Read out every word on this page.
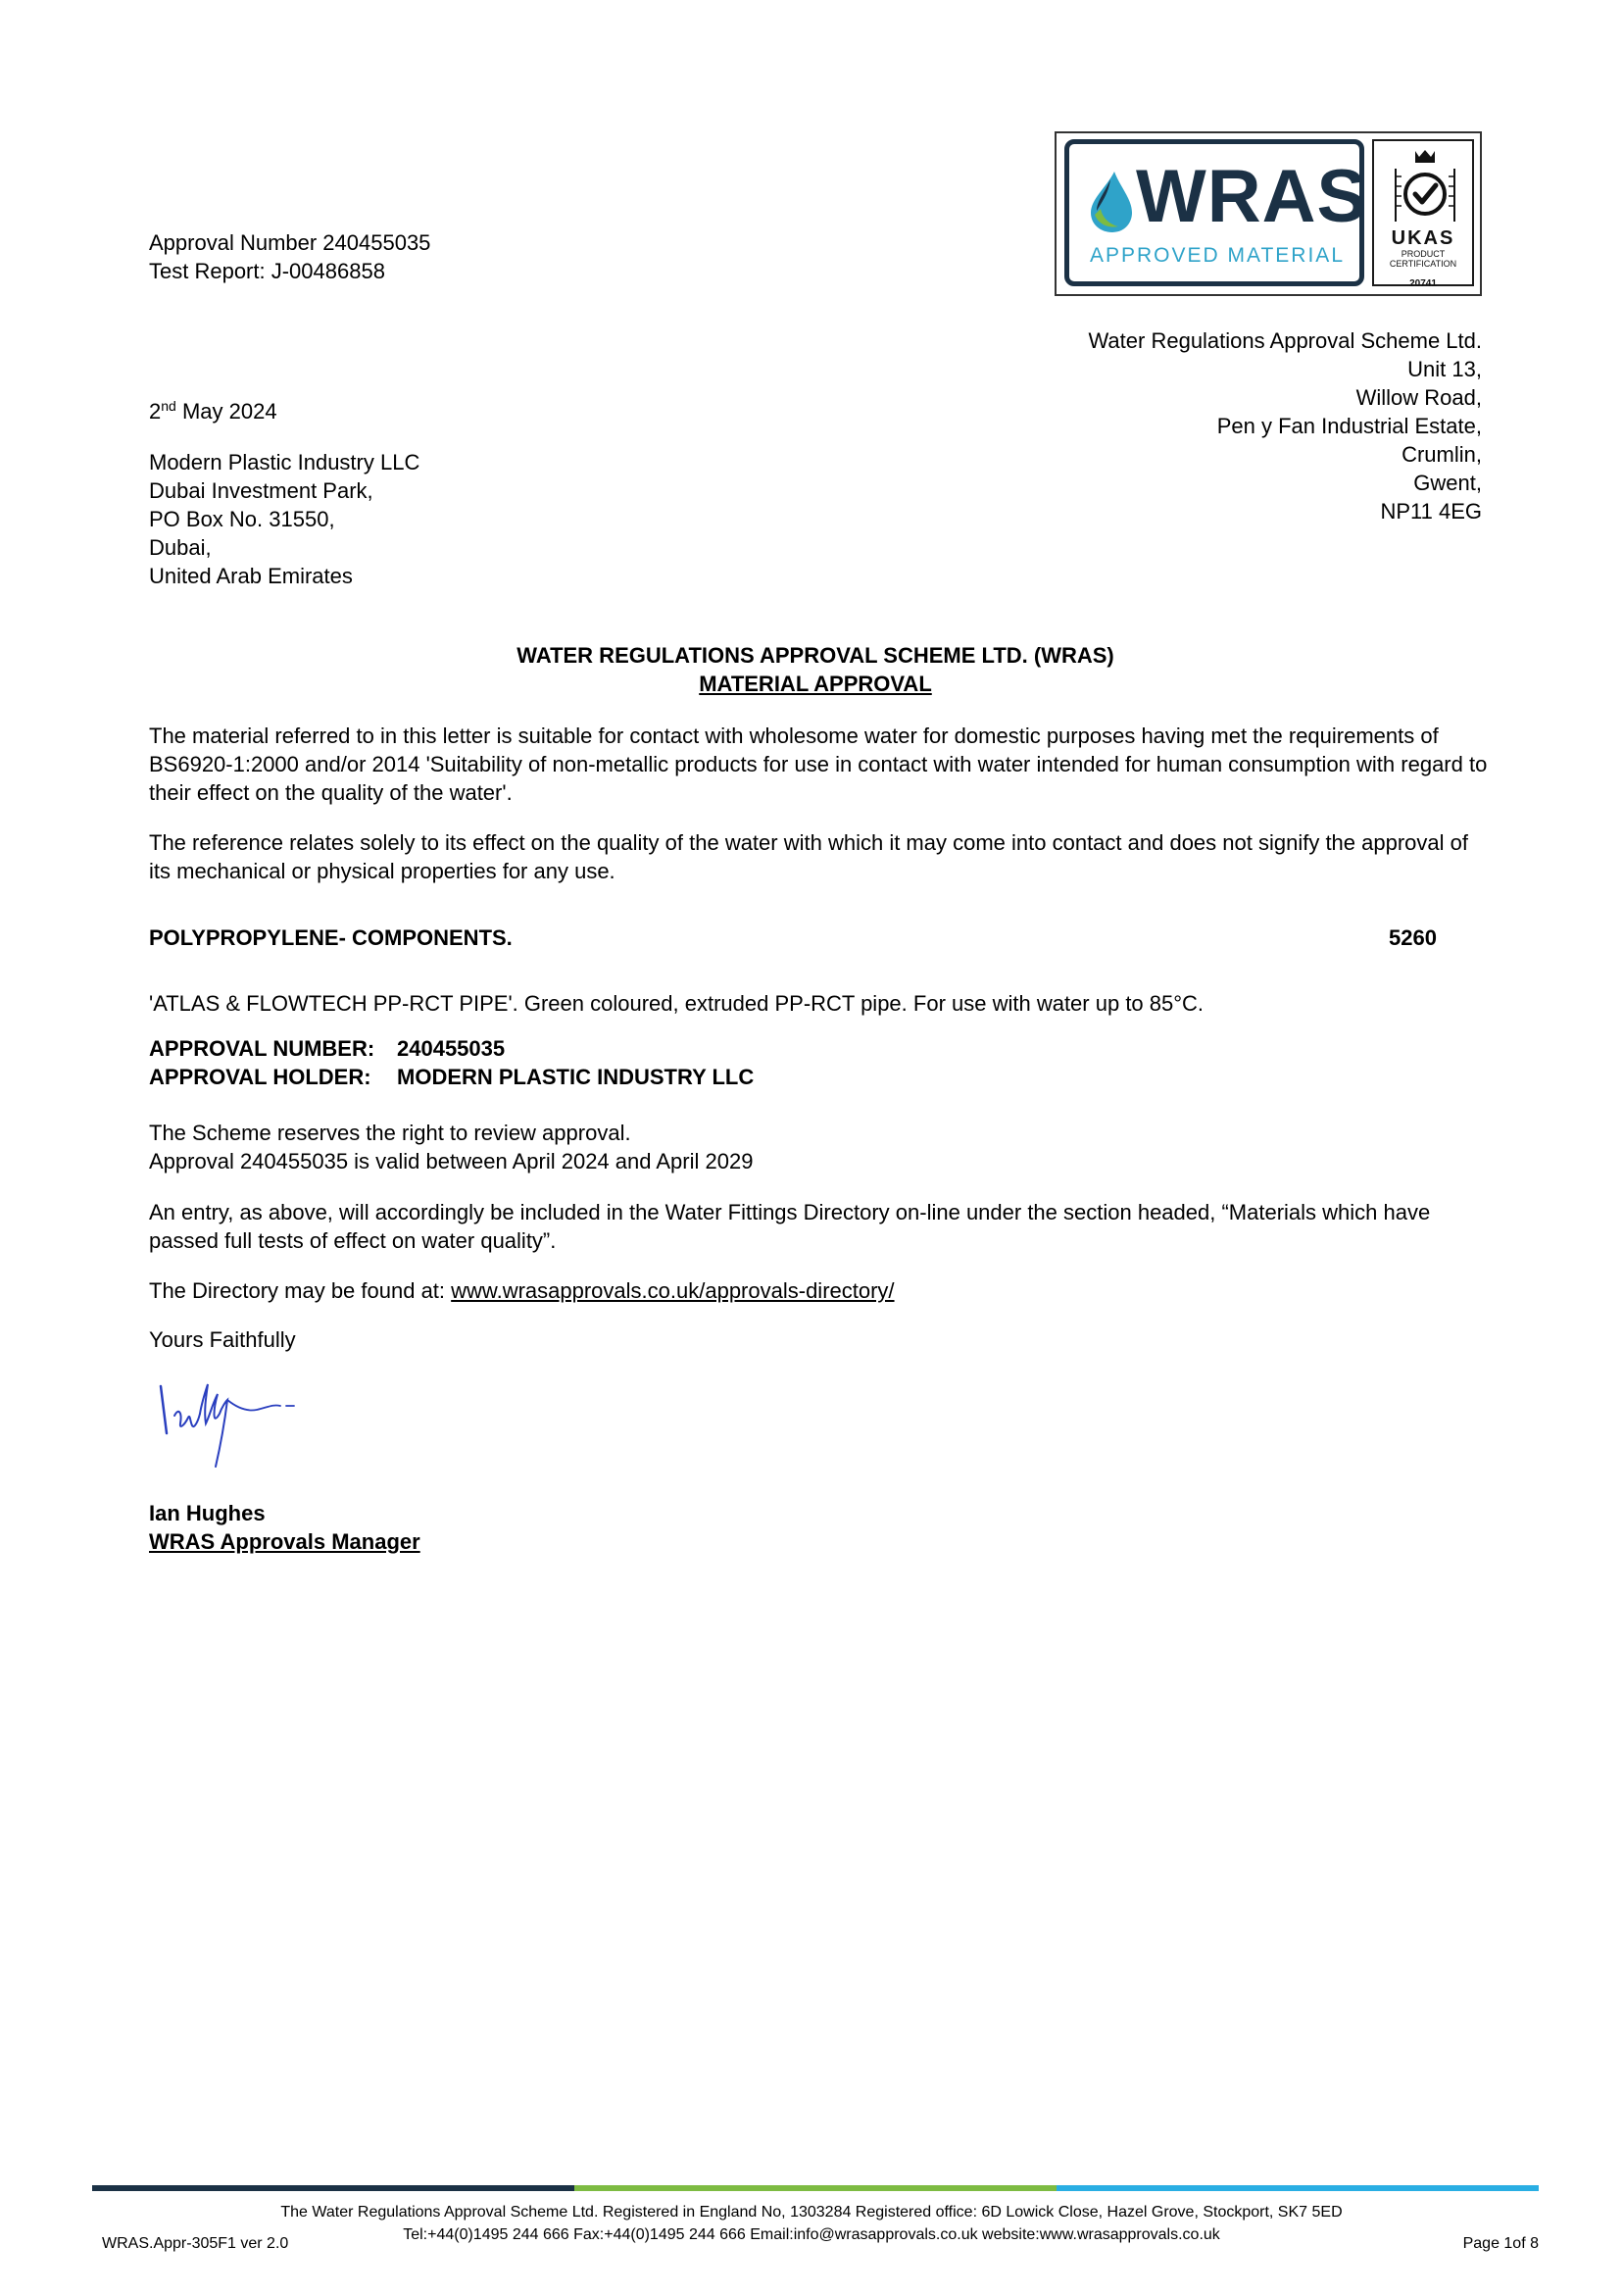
WRAS
APPROVED MATERIAL
UKAS
PRODUCT
CERTIFICATION
20741
Approval Number 240455035
Test Report: J-00486858
Water Regulations Approval Scheme Ltd.
Unit 13,
Willow Road,
Pen y Fan Industrial Estate,
Crumlin,
Gwent,
NP11 4EG
2nd May 2024
Modern Plastic Industry LLC
Dubai Investment Park,
PO Box No. 31550,
Dubai,
United Arab Emirates
WATER REGULATIONS APPROVAL SCHEME LTD. (WRAS)
MATERIAL APPROVAL

The material referred to in this letter is suitable for contact with wholesome water for domestic purposes having met the requirements of BS6920-1:2000 and/or 2014 'Suitability of non-metallic products for use in contact with water intended for human consumption with regard to their effect on the quality of the water'.

The reference relates solely to its effect on the quality of the water with which it may come into contact and does not signify the approval of its mechanical or physical properties for any use.

POLYPROPYLENE- COMPONENTS.	5260
'ATLAS & FLOWTECH PP-RCT PIPE'. Green coloured, extruded PP-RCT pipe. For use with water up to 85°C.
APPROVAL NUMBER:	240455035
APPROVAL HOLDER:	MODERN PLASTIC INDUSTRY LLC
The Scheme reserves the right to review approval.
Approval 240455035 is valid between April 2024 and April 2029

An entry, as above, will accordingly be included in the Water Fittings Directory on-line under the section headed, “Materials which have passed full tests of effect on water quality”.

The Directory may be found at: www.wrasapprovals.co.uk/approvals-directory/
Yours Faithfully
Ian Hughes
WRAS Approvals Manager
The Water Regulations Approval Scheme Ltd. Registered in England No, 1303284 Registered office: 6D Lowick Close, Hazel Grove, Stockport, SK7 5ED
Tel:+44(0)1495 244 666 Fax:+44(0)1495 244 666 Email:info@wrasapprovals.co.uk website:www.wrasapprovals.co.uk
WRAS.Appr-305F1 ver 2.0	Page 1of 8
